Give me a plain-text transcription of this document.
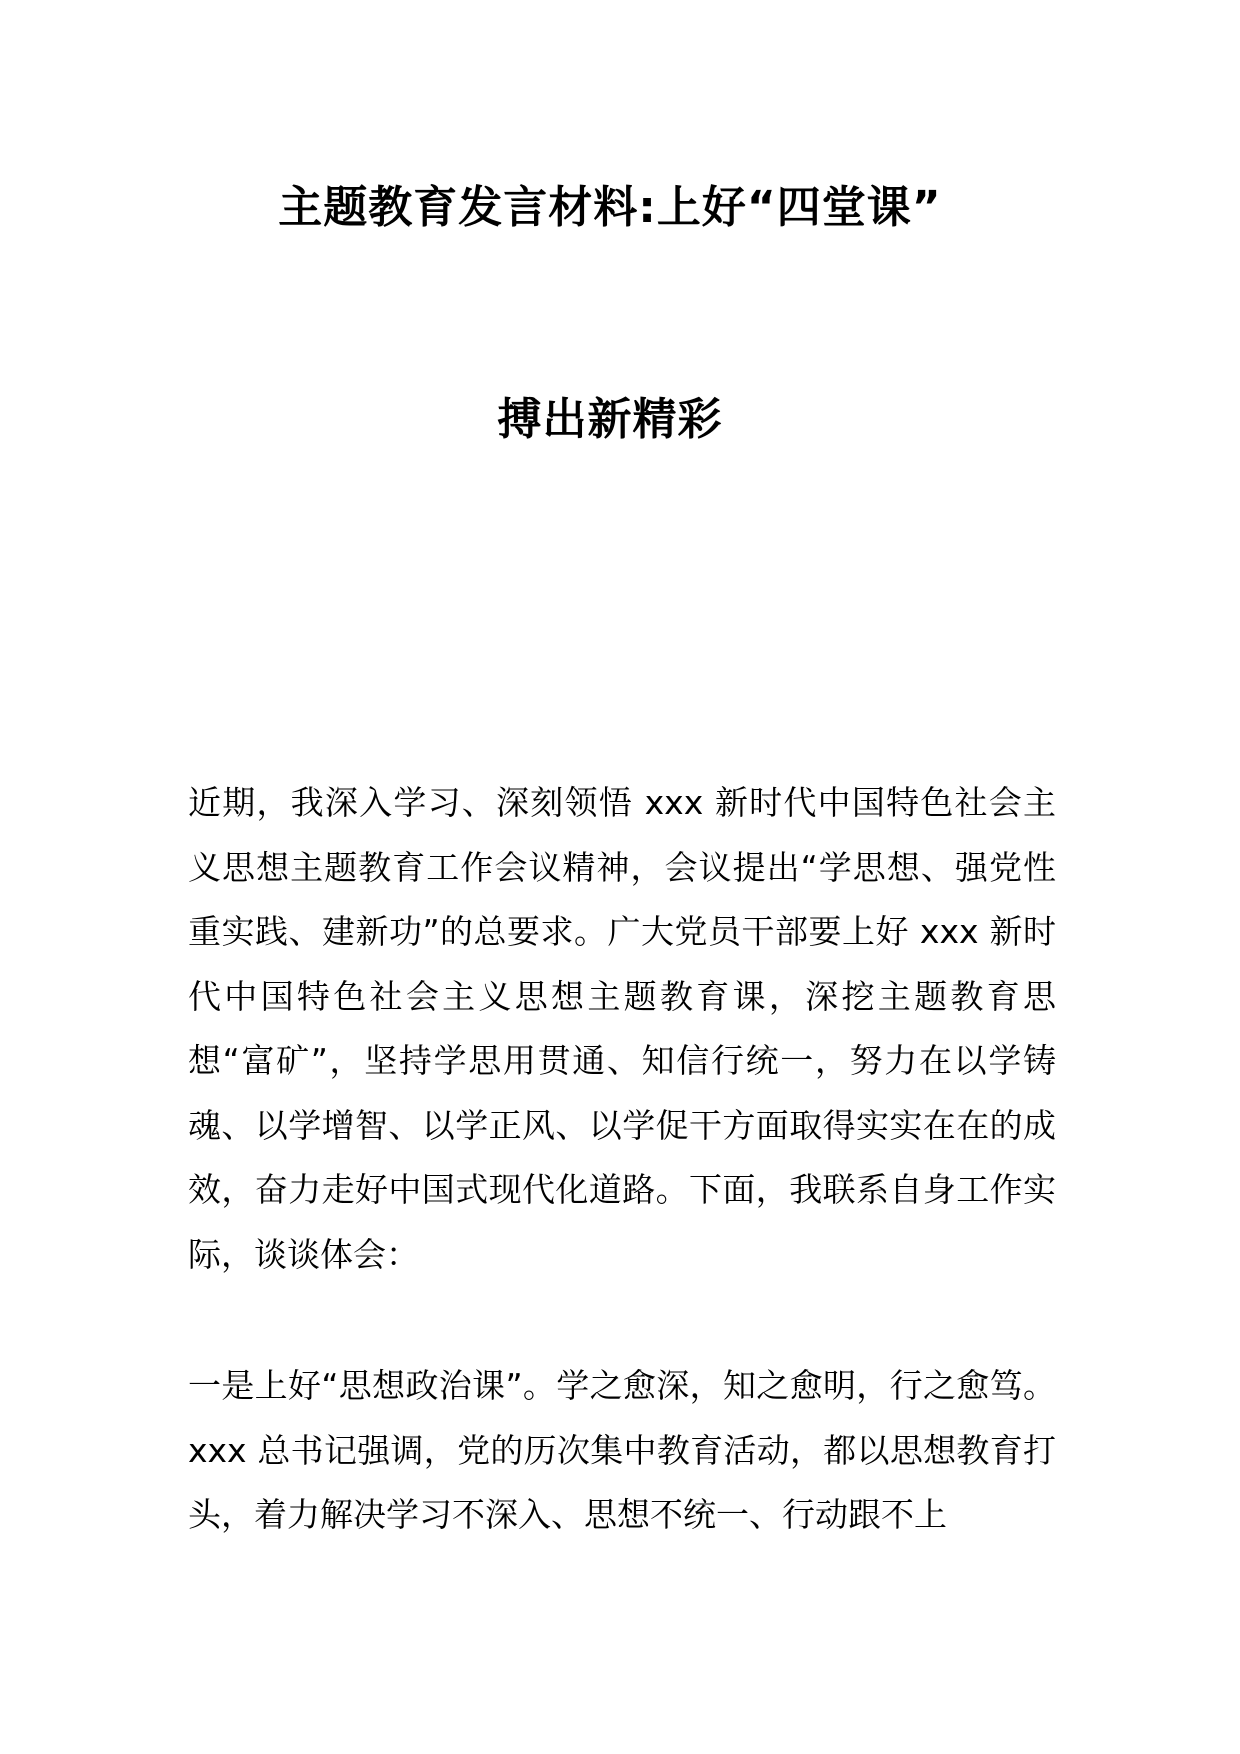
主题教育发言材料:上好“四堂课”
搏出新精彩

近期，我深入学习、深刻领悟 xxx 新时代中国特色社会主义思想主题教育工作会议精神，会议提出“学思想、强党性重实践、建新功”的总要求。广大党员干部要上好 xxx 新时代中国特色社会主义思想主题教育课，深挖主题教育思想“富矿”，坚持学思用贯通、知信行统一，努力在以学铸魂、以学增智、以学正风、以学促干方面取得实实在在的成效，奋力走好中国式现代化道路。下面，我联系自身工作实际，谈谈体会：

一是上好“思想政治课”。学之愈深，知之愈明，行之愈笃。xxx 总书记强调，党的历次集中教育活动，都以思想教育打头，着力解决学习不深入、思想不统一、行动跟不上
